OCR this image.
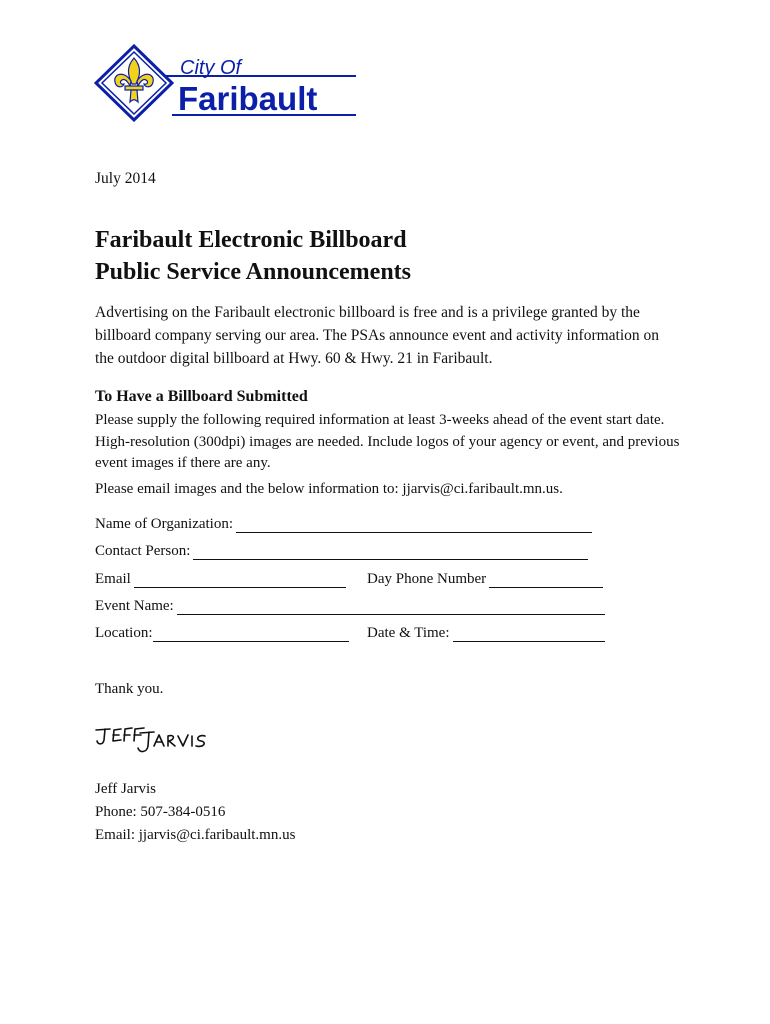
City Of
Faribault
July 2014
Faribault Electronic Billboard
Public Service Announcements

Advertising on the Faribault electronic billboard is free and is a privilege granted by the billboard company serving our area. The PSAs announce event and activity information on the outdoor digital billboard at Hwy. 60 & Hwy. 21 in Faribault.

To Have a Billboard Submitted

Please supply the following required information at least 3-weeks ahead of the event start date. High-resolution (300dpi) images are needed. Include logos of your agency or event, and previous event images if there are any.

Please email images and the below information to: jjarvis@ci.faribault.mn.us.

Name of Organization:
Contact Person:
Email	Day Phone Number
Event Name:
Location:	Date & Time:

Thank you.

Jeff Jarvis
Phone: 507-384-0516
Email: jjarvis@ci.faribault.mn.us
